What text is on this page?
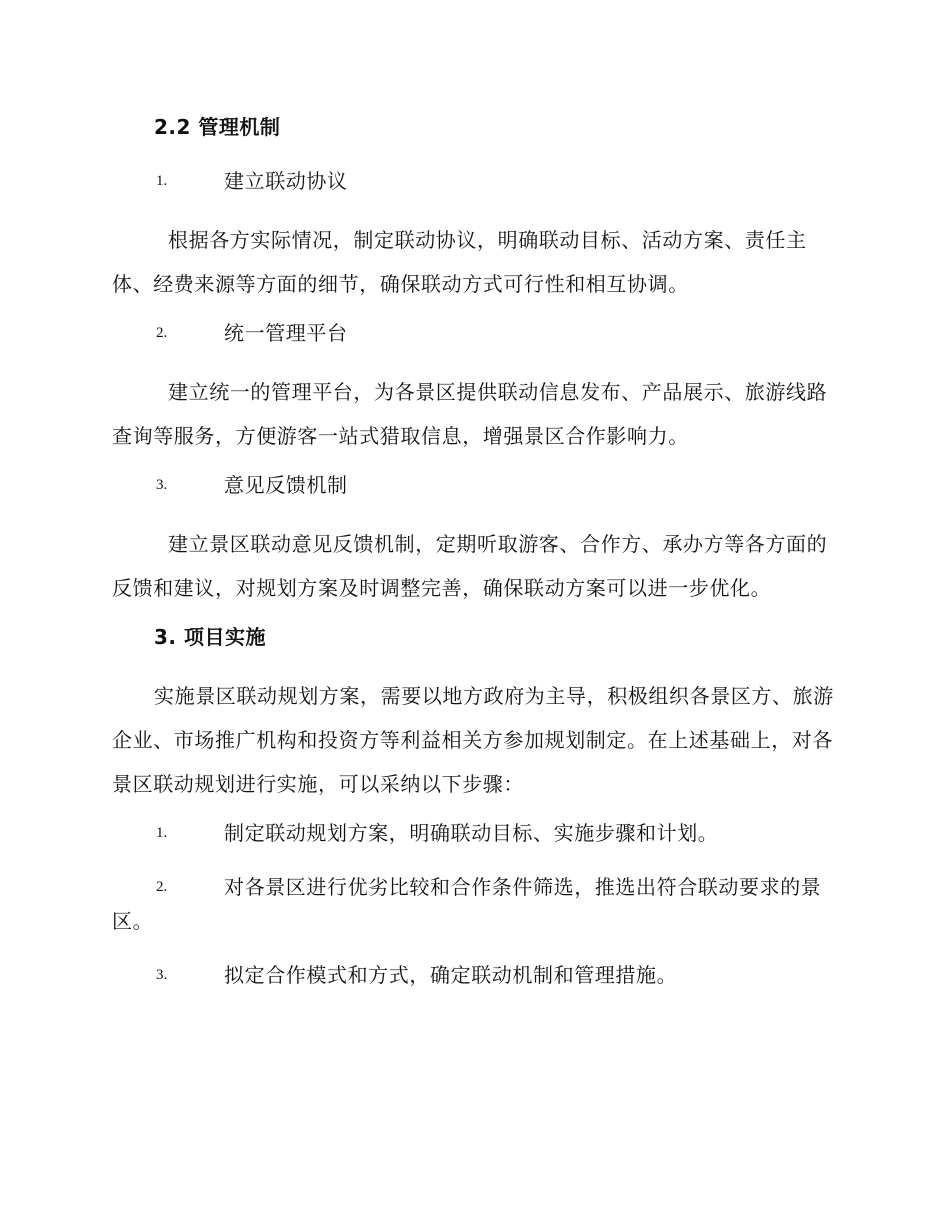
2.2 管理机制
1.	建立联动协议
根据各方实际情况，制定联动协议，明确联动目标、活动方案、责任主体、经费来源等方面的细节，确保联动方式可行性和相互协调。
2.	统一管理平台
建立统一的管理平台，为各景区提供联动信息发布、产品展示、旅游线路查询等服务，方便游客一站式猎取信息，增强景区合作影响力。
3.	意见反馈机制
建立景区联动意见反馈机制，定期听取游客、合作方、承办方等各方面的反馈和建议，对规划方案及时调整完善，确保联动方案可以进一步优化。
3. 项目实施
实施景区联动规划方案，需要以地方政府为主导，积极组织各景区方、旅游企业、市场推广机构和投资方等利益相关方参加规划制定。在上述基础上，对各景区联动规划进行实施，可以采纳以下步骤：
1.	制定联动规划方案，明确联动目标、实施步骤和计划。
2.	对各景区进行优劣比较和合作条件筛选，推选出符合联动要求的景区。
3.	拟定合作模式和方式，确定联动机制和管理措施。
